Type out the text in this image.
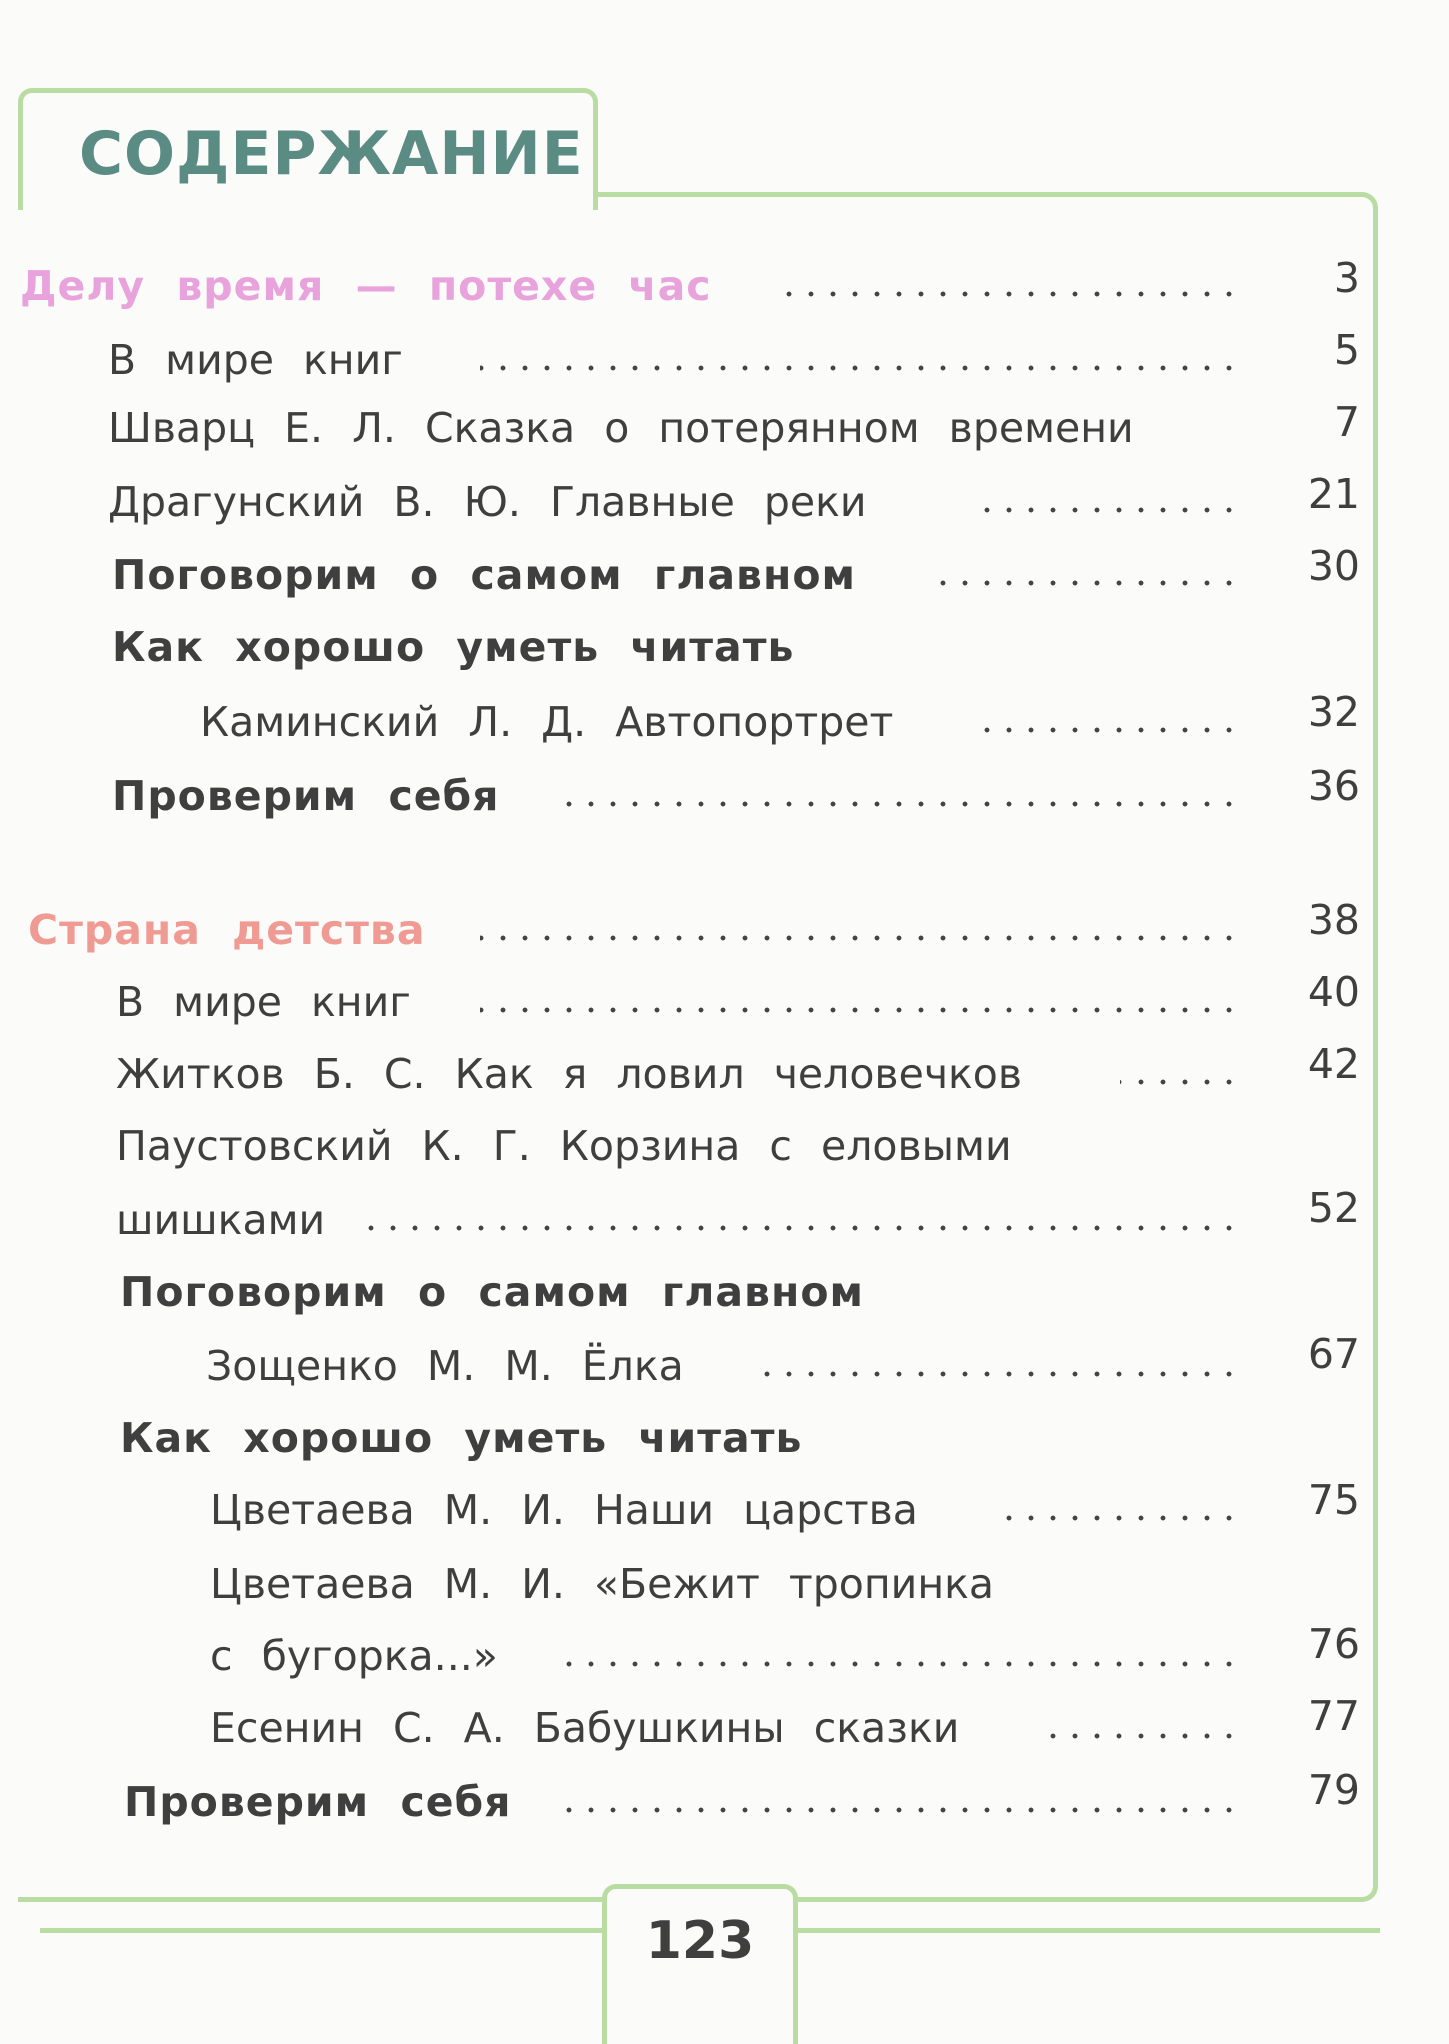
СОДЕРЖАНИЕ
123
Делу время — потехе час	3
В мире книг	5
Шварц Е. Л. Сказка о потерянном времени	7
Драгунский В. Ю. Главные реки	21
Поговорим о самом главном	30
Как хорошо уметь читать
Каминский Л. Д. Автопортрет	32
Проверим себя	36
Страна детства	38
В мире книг	40
Житков Б. С. Как я ловил человечков	42
Паустовский К. Г. Корзина с еловыми
шишками	52
Поговорим о самом главном
Зощенко М. М. Ёлка	67
Как хорошо уметь читать
Цветаева М. И. Наши царства	75
Цветаева М. И. «Бежит тропинка
с бугорка...»	76
Есенин С. А. Бабушкины сказки	77
Проверим себя	79
